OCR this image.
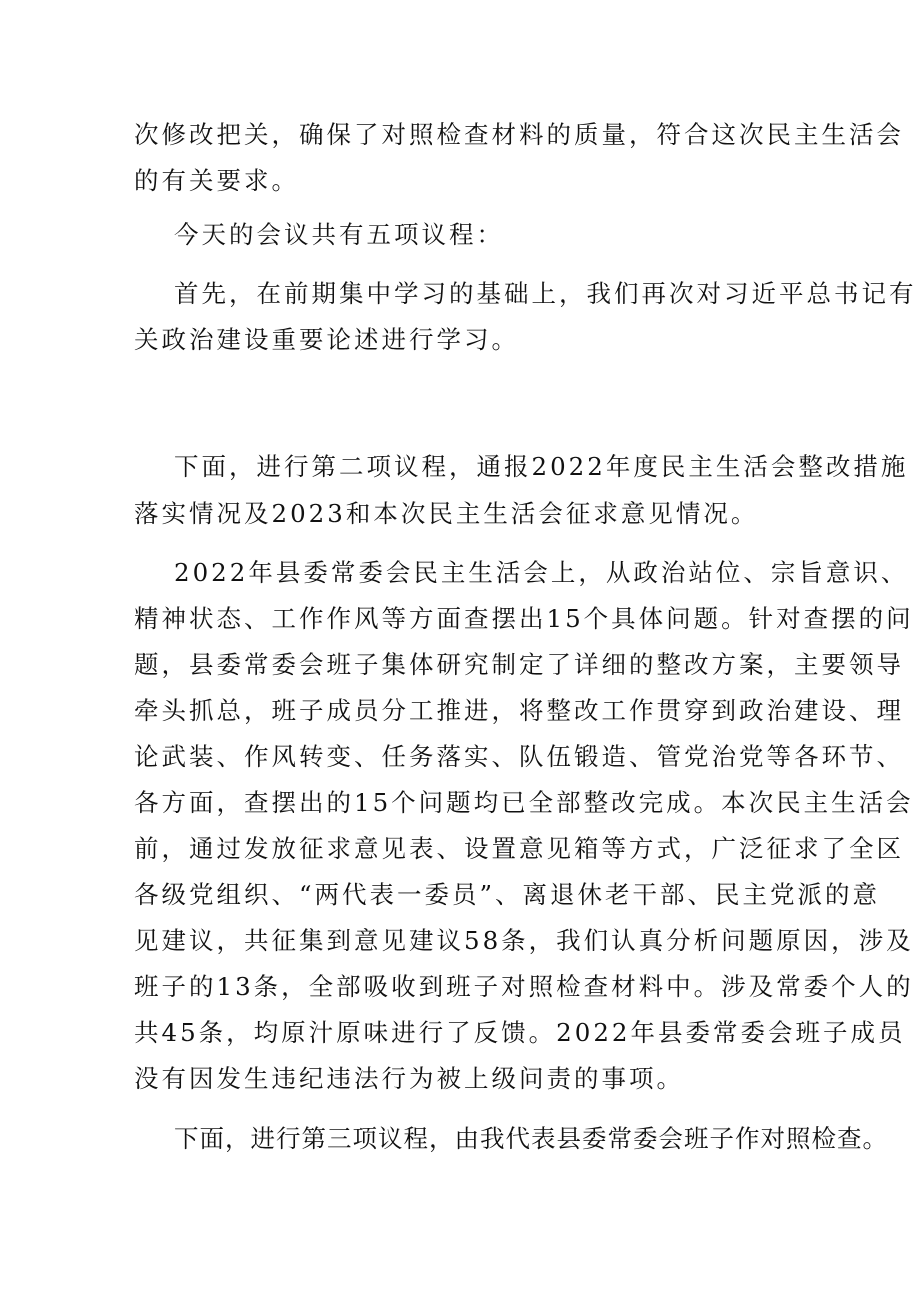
次修改把关，确保了对照检查材料的质量，符合这次民主生活会
的有关要求。
今天的会议共有五项议程：
首先，在前期集中学习的基础上，我们再次对习近平总书记有
关政治建设重要论述进行学习。
下面，进行第二项议程，通报2022年度民主生活会整改措施
落实情况及2023和本次民主生活会征求意见情况。
2022年县委常委会民主生活会上，从政治站位、宗旨意识、
精神状态、工作作风等方面查摆出15个具体问题。针对查摆的问
题，县委常委会班子集体研究制定了详细的整改方案，主要领导
牵头抓总，班子成员分工推进，将整改工作贯穿到政治建设、理
论武装、作风转变、任务落实、队伍锻造、管党治党等各环节、
各方面，查摆出的15个问题均已全部整改完成。本次民主生活会
前，通过发放征求意见表、设置意见箱等方式，广泛征求了全区
各级党组织、“两代表一委员”、离退休老干部、民主党派的意
见建议，共征集到意见建议58条，我们认真分析问题原因，涉及
班子的13条，全部吸收到班子对照检查材料中。涉及常委个人的
共45条，均原汁原味进行了反馈。2022年县委常委会班子成员
没有因发生违纪违法行为被上级问责的事项。
下面，进行第三项议程，由我代表县委常委会班子作对照检查。
